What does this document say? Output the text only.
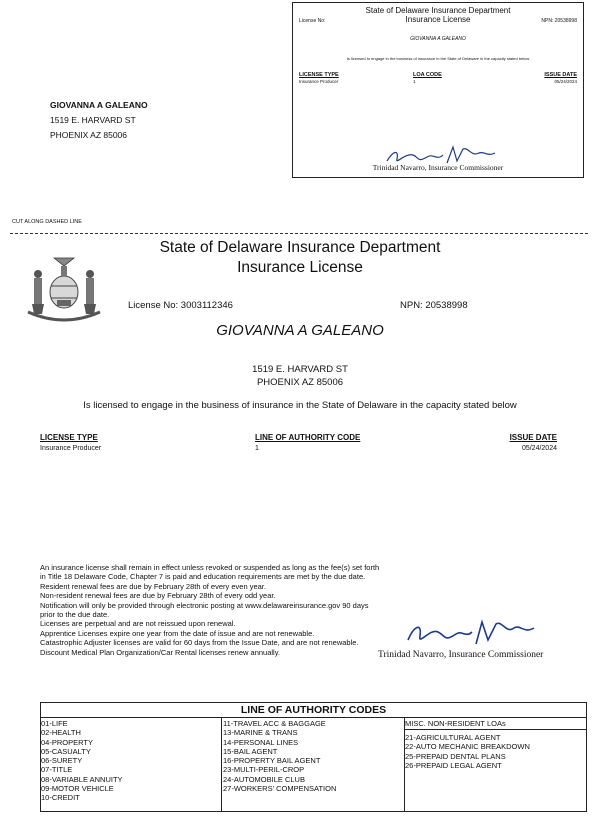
State of Delaware Insurance Department
Insurance License
License No:	NPN: 20538998
GIOVANNA A GALEANO
Is licensed to engage in the business of insurance in the State of Delaware in the capacity stated below
LICENSE TYPE	LOA CODE	ISSUE DATE
Insurance Producer	1	05/24/2024
Trinidad Navarro, Insurance Commissioner
GIOVANNA A GALEANO
1519 E. HARVARD ST
PHOENIX AZ 85006
CUT ALONG DASHED LINE
State of Delaware Insurance Department
Insurance License
License No: 3003112346	NPN: 20538998
GIOVANNA A GALEANO
1519 E. HARVARD ST
PHOENIX AZ 85006
Is licensed to engage in the business of insurance in the State of Delaware in the capacity stated below
LICENSE TYPE	LINE OF AUTHORITY CODE	ISSUE DATE
Insurance Producer	1	05/24/2024
An insurance license shall remain in effect unless revoked or suspended as long as the fee(s) set forth in Title 18 Delaware Code, Chapter 7 is paid and education requirements are met by the due date.
Resident renewal fees are due by February 28th of every even year.
Non-resident renewal fees are due by February 28th of every odd year.
Notification will only be provided through electronic posting at www.delawareinsurance.gov 90 days prior to the due date.
Licenses are perpetual and are not reissued upon renewal.
Apprentice Licenses expire one year from the date of issue and are not renewable.
Catastrophic Adjuster licenses are valid for 60 days from the Issue Date, and are not renewable.
Discount Medical Plan Organization/Car Rental licenses renew annually.	Trinidad Navarro, Insurance Commissioner
LINE OF AUTHORITY CODES
01-LIFE
02-HEALTH
04-PROPERTY
05-CASUALTY
06-SURETY
07-TITLE
08-VARIABLE ANNUITY
09-MOTOR VEHICLE
10-CREDIT
11-TRAVEL ACC & BAGGAGE
13-MARINE & TRANS
14-PERSONAL LINES
15-BAIL AGENT
16-PROPERTY BAIL AGENT
23-MULTI-PERIL-CROP
24-AUTOMOBILE CLUB
27-WORKERS' COMPENSATION
MISC. NON-RESIDENT LOAs
21-AGRICULTURAL AGENT
22-AUTO MECHANIC BREAKDOWN
25-PREPAID DENTAL PLANS
26-PREPAID LEGAL AGENT
